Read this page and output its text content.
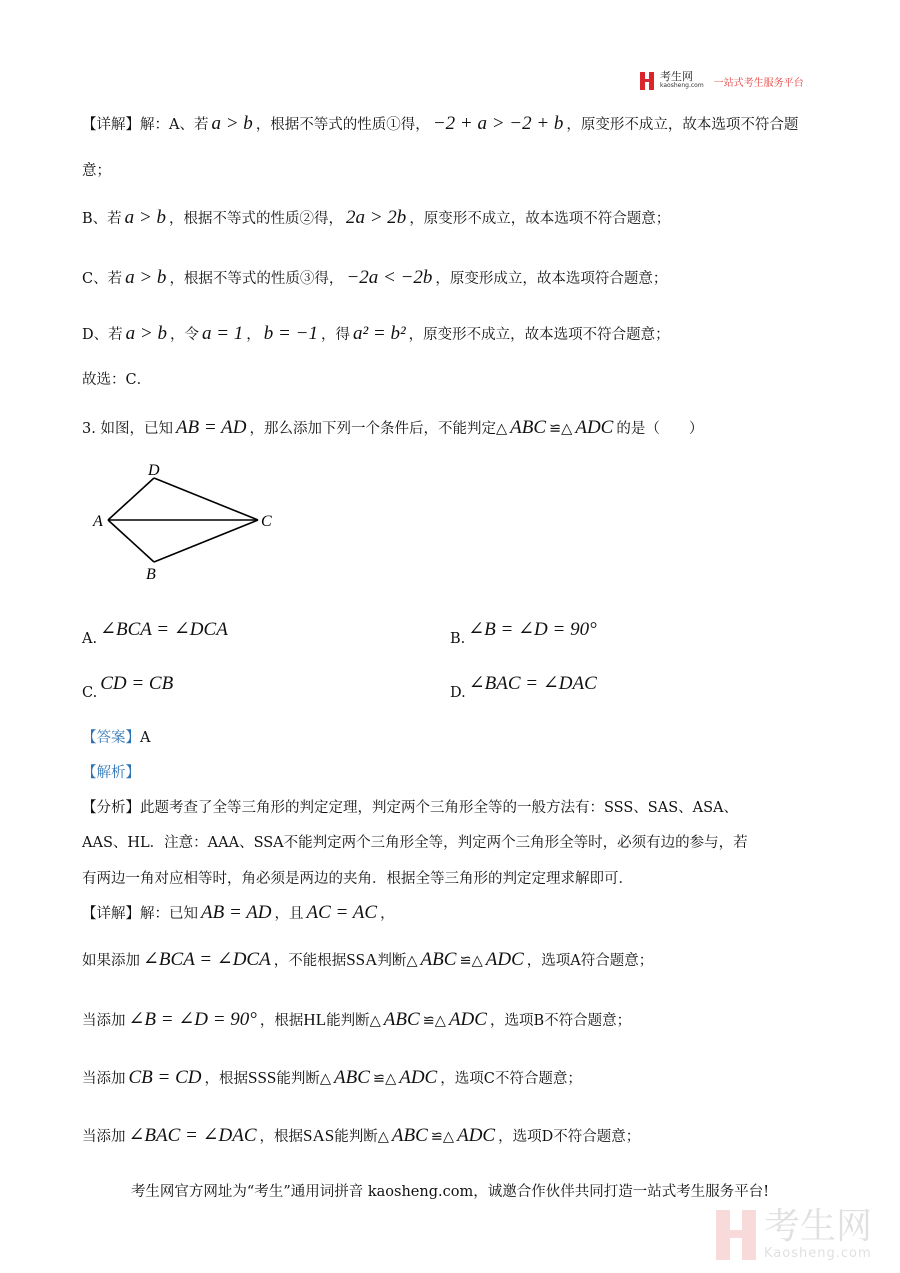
考生网
kaosheng.com 一站式考生服务平台
【详解】解：A、若 a > b ，根据不等式的性质①得， −2 + a > −2 + b ，原变形不成立，故本选项不符合题
意；
B、若 a > b ，根据不等式的性质②得， 2a > 2b ，原变形不成立，故本选项不符合题意；
C、若 a > b ，根据不等式的性质③得， −2a < −2b ，原变形成立，故本选项符合题意；
D、若 a > b ，令 a = 1 ， b = −1 ，得 a² = b² ，原变形不成立，故本选项不符合题意；
故选：C．
3. 如图，已知 AB = AD ，那么添加下列一个条件后，不能判定△ ABC ≌△ ADC 的是（　　）
【答案】A
【解析】
【分析】此题考查了全等三角形的判定定理，判定两个三角形全等的一般方法有：SSS、SAS、ASA、
AAS、HL．注意：AAA、SSA不能判定两个三角形全等，判定两个三角形全等时，必须有边的参与，若
有两边一角对应相等时，角必须是两边的夹角．根据全等三角形的判定定理求解即可．
【详解】解：已知 AB = AD ，且 AC = AC ，
如果添加 ∠BCA = ∠DCA ，不能根据SSA判断△ ABC ≌△ ADC ，选项A符合题意；
当添加 ∠B = ∠D = 90° ，根据HL能判断△ ABC ≌△ ADC ，选项B不符合题意；
当添加 CB = CD ，根据SSS能判断△ ABC ≌△ ADC ，选项C不符合题意；
当添加 ∠BAC = ∠DAC ，根据SAS能判断△ ABC ≌△ ADC ，选项D不符合题意；
D
A	C
B
A. ∠BCA = ∠DCA	B. ∠B = ∠D = 90°
C. CD = CB	D. ∠BAC = ∠DAC
考生网官方网址为“考生”通用词拼音 kaosheng.com，诚邀合作伙伴共同打造一站式考生服务平台!
考生网
Kaosheng.com
